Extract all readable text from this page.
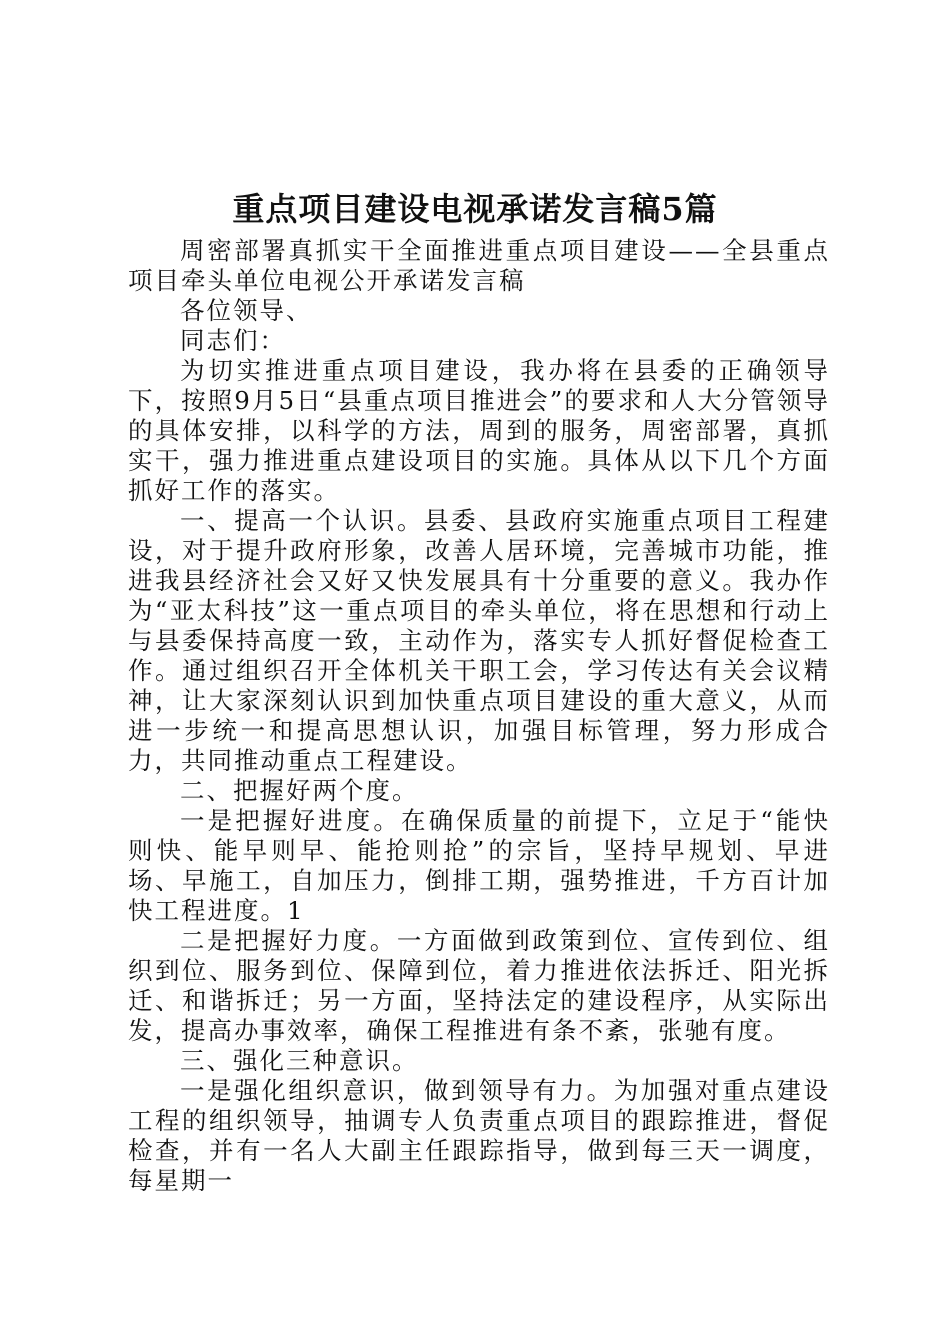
重点项目建设电视承诺发言稿5篇

周密部署真抓实干全面推进重点项目建设——全县重点项目牵头单位电视公开承诺发言稿

各位领导、

同志们：

为切实推进重点项目建设，我办将在县委的正确领导下，按照9月5日“县重点项目推进会”的要求和人大分管领导的具体安排，以科学的方法，周到的服务，周密部署，真抓实干，强力推进重点建设项目的实施。具体从以下几个方面抓好工作的落实。

一、提高一个认识。县委、县政府实施重点项目工程建设，对于提升政府形象，改善人居环境，完善城市功能，推进我县经济社会又好又快发展具有十分重要的意义。我办作为“亚太科技”这一重点项目的牵头单位，将在思想和行动上与县委保持高度一致，主动作为，落实专人抓好督促检查工作。通过组织召开全体机关干职工会，学习传达有关会议精神，让大家深刻认识到加快重点项目建设的重大意义，从而进一步统一和提高思想认识，加强目标管理，努力形成合力，共同推动重点工程建设。

二、把握好两个度。

一是把握好进度。在确保质量的前提下，立足于“能快则快、能早则早、能抢则抢”的宗旨，坚持早规划、早进场、早施工，自加压力，倒排工期，强势推进，千方百计加快工程进度。1

二是把握好力度。一方面做到政策到位、宣传到位、组织到位、服务到位、保障到位，着力推进依法拆迁、阳光拆迁、和谐拆迁；另一方面，坚持法定的建设程序，从实际出发，提高办事效率，确保工程推进有条不紊，张驰有度。

三、强化三种意识。

一是强化组织意识，做到领导有力。为加强对重点建设工程的组织领导，抽调专人负责重点项目的跟踪推进，督促检查，并有一名人大副主任跟踪指导，做到每三天一调度，每星期一
